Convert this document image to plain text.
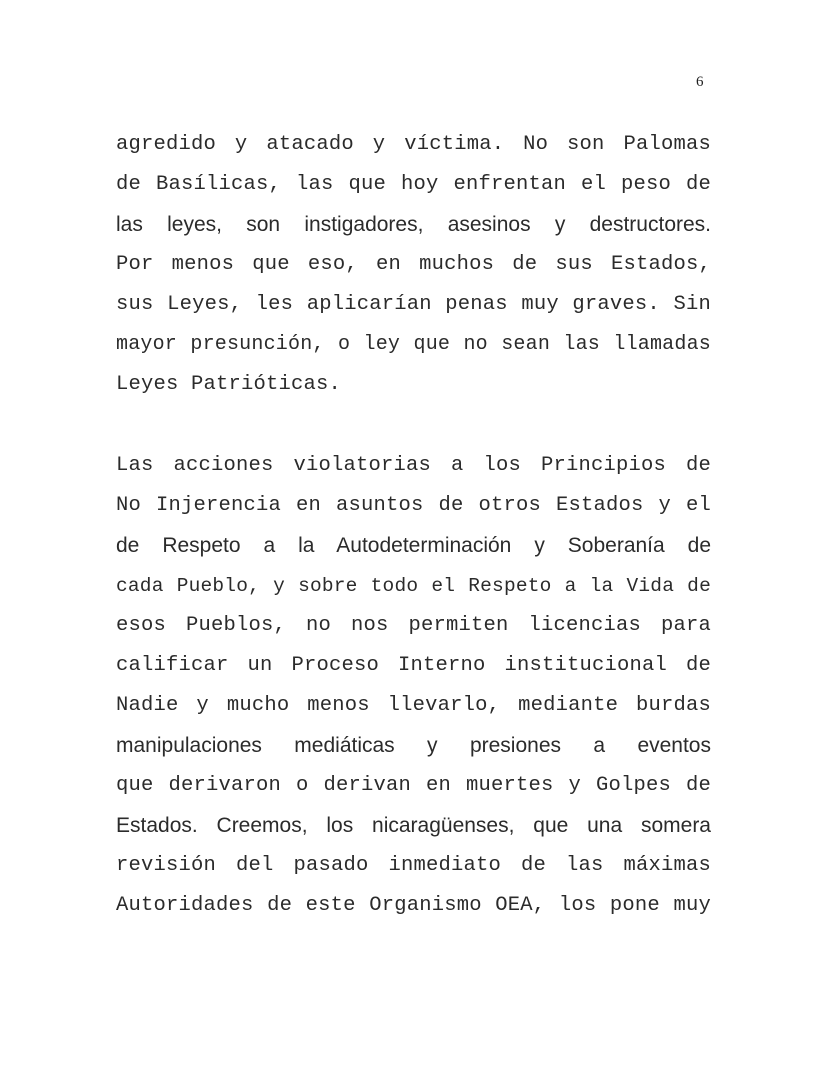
6
agredido y atacado y víctima. No son Palomas
de Basílicas, las que hoy enfrentan el peso de
las leyes, son instigadores, asesinos y destructores.
Por menos que eso, en muchos de sus Estados,
sus Leyes, les aplicarían penas muy graves. Sin
mayor presunción, o ley que no sean las llamadas
Leyes Patrióticas.
Las acciones violatorias a los Principios de
No Injerencia en asuntos de otros Estados y el
de Respeto a la Autodeterminación y Soberanía de
cada Pueblo, y sobre todo el Respeto a la Vida de
esos Pueblos, no nos permiten licencias para
calificar un Proceso Interno institucional de
Nadie y mucho menos llevarlo, mediante burdas
manipulaciones mediáticas y presiones a eventos
que derivaron o derivan en muertes y Golpes de
Estados. Creemos, los nicaragüenses, que una somera
revisión del pasado inmediato de las máximas
Autoridades de este Organismo OEA, los pone muy
